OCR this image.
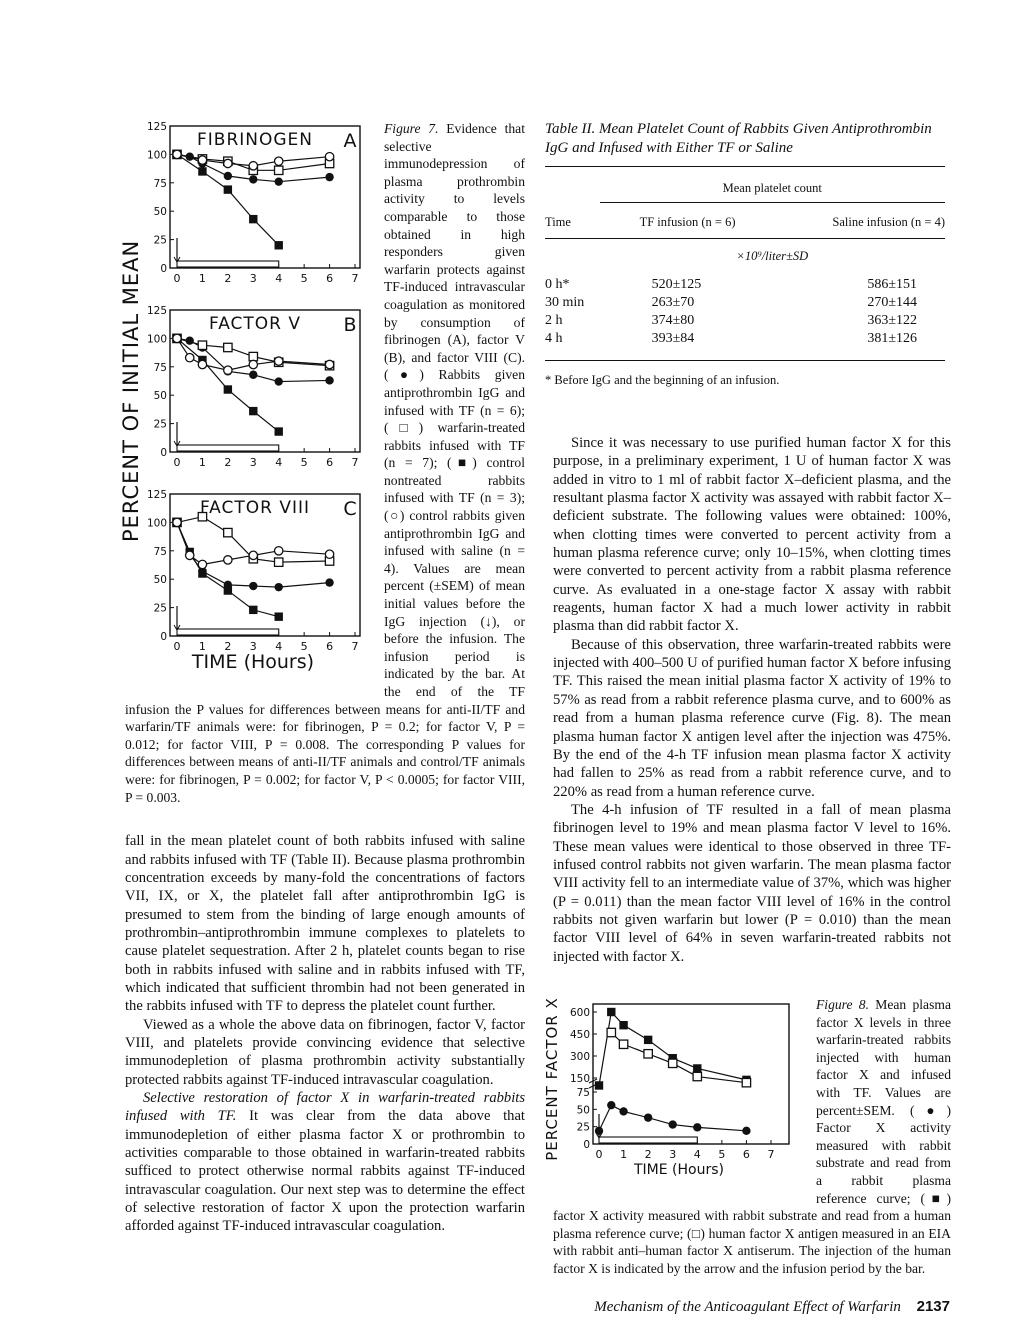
PERCENT OF INITIAL MEAN	0 1 2 3 4 5 6 7
0
25
50
75
100
125
FIBRINOGEN A
0 1 2 3 4 5 6 7
0
25
50
75
100
125
FACTOR V B
0 1 2 3 4 5 6 7
0
25
50
75
100
125
FACTOR VIII C
TIME (Hours)
Figure 7. Evidence that selective immunodepression of plasma prothrombin activity to levels comparable to those obtained in high responders given warfarin protects against TF-induced intravascular coagulation as monitored by consumption of fibrinogen (A), factor V (B), and factor VIII (C). (●) Rabbits given antiprothrombin IgG and infused with TF (n = 6); (□) warfarin-treated rabbits infused with TF (n = 7); (■) control nontreated rabbits infused with TF (n = 3); (○) control rabbits given antiprothrombin IgG and infused with saline (n = 4). Values are mean percent (±SEM) of mean initial values before the IgG injection (↓), or before the infusion. The infusion period is indicated by the bar. At the end of the TF infusion the P values for differences between means for anti-II/TF and warfarin/TF animals were: for fibrinogen, P = 0.2; for factor V, P = 0.012; for factor VIII, P = 0.008. The corresponding P values for differences between means of anti-II/TF animals and control/TF animals were: for fibrinogen, P = 0.002; for factor V, P < 0.0005; for factor VIII, P = 0.003.

fall in the mean platelet count of both rabbits infused with saline and rabbits infused with TF (Table II). Because plasma prothrombin concentration exceeds by many-fold the concentrations of factors VII, IX, or X, the platelet fall after antiprothrombin IgG is presumed to stem from the binding of large enough amounts of prothrombin–antiprothrombin immune complexes to platelets to cause platelet sequestration. After 2 h, platelet counts began to rise both in rabbits infused with saline and in rabbits infused with TF, which indicated that sufficient thrombin had not been generated in the rabbits infused with TF to depress the platelet count further.

Viewed as a whole the above data on fibrinogen, factor V, factor VIII, and platelets provide convincing evidence that selective immunodepletion of plasma prothrombin activity substantially protected rabbits against TF-induced intravascular coagulation.

Selective restoration of factor X in warfarin-treated rabbits infused with TF. It was clear from the data above that immunodepletion of either plasma factor X or prothrombin to activities comparable to those obtained in warfarin-treated rabbits sufficed to protect otherwise normal rabbits against TF-induced intravascular coagulation. Our next step was to determine the effect of selective restoration of factor X upon the protection warfarin afforded against TF-induced intravascular coagulation.

Table II. Mean Platelet Count of Rabbits Given Antiprothrombin IgG and Infused with Either TF or Saline
	Mean platelet count	
Time	TF infusion (n = 6)	Saline infusion (n = 4)
	×10⁹/liter±SD	
0 h*	520±125	586±151
30 min	263±70	270±144
2 h	374±80	363±122
4 h	393±84	381±126
* Before IgG and the beginning of an infusion.

Since it was necessary to use purified human factor X for this purpose, in a preliminary experiment, 1 U of human factor X was added in vitro to 1 ml of rabbit factor X–deficient plasma, and the resultant plasma factor X activity was assayed with rabbit factor X–deficient substrate. The following values were obtained: 100%, when clotting times were converted to percent activity from a human plasma reference curve; only 10–15%, when clotting times were converted to percent activity from a rabbit plasma reference curve. As evaluated in a one-stage factor X assay with rabbit reagents, human factor X had a much lower activity in rabbit plasma than did rabbit factor X.

Because of this observation, three warfarin-treated rabbits were injected with 400–500 U of purified human factor X before infusing TF. This raised the mean initial plasma factor X activity of 19% to 57% as read from a rabbit reference plasma curve, and to 600% as read from a human plasma reference curve (Fig. 8). The mean plasma human factor X antigen level after the injection was 475%. By the end of the 4-h TF infusion mean plasma factor X activity had fallen to 25% as read from a rabbit reference curve, and to 220% as read from a human reference curve.

The 4-h infusion of TF resulted in a fall of mean plasma fibrinogen level to 19% and mean plasma factor V level to 16%. These mean values were identical to those observed in three TF-infused control rabbits not given warfarin. The mean plasma factor VIII activity fell to an intermediate value of 37%, which was higher (P = 0.011) than the mean factor VIII level of 16% in the control rabbits not given warfarin but lower (P = 0.010) than the mean factor VIII level of 64% in seven warfarin-treated rabbits not injected with factor X.

0 1 2 3 4 5 6 7
0
25
50
75
150
300
450
600
TIME (Hours)
PERCENT FACTOR X	Figure 8. Mean plasma factor X levels in three warfarin-treated rabbits injected with human factor X and infused with TF. Values are percent±SEM. (●) Factor X activity measured with rabbit substrate and read from a rabbit plasma reference curve; (■) factor X activity measured with rabbit substrate and read from a human plasma reference curve; (□) human factor X antigen measured in an EIA with rabbit anti–human factor X antiserum. The injection of the human factor X is indicated by the arrow and the infusion period by the bar.
Mechanism of the Anticoagulant Effect of Warfarin 2137
